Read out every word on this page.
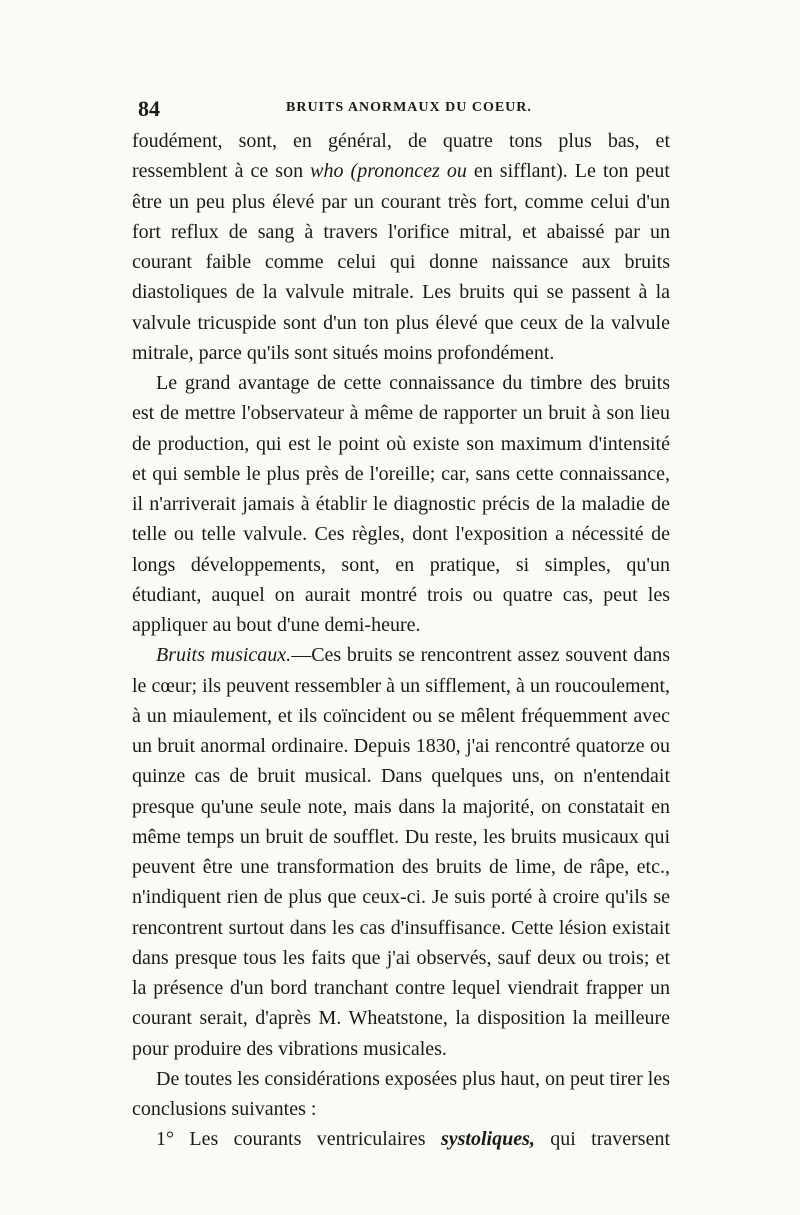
84	BRUITS ANORMAUX DU COEUR.

foudément, sont, en général, de quatre tons plus bas, et ressemblent à ce son who (prononcez ou en sifflant). Le ton peut être un peu plus élevé par un courant très fort, comme celui d'un fort reflux de sang à travers l'orifice mitral, et abaissé par un courant faible comme celui qui donne naissance aux bruits diastoliques de la valvule mitrale. Les bruits qui se passent à la valvule tricuspide sont d'un ton plus élevé que ceux de la valvule mitrale, parce qu'ils sont situés moins profondément.

Le grand avantage de cette connaissance du timbre des bruits est de mettre l'observateur à même de rapporter un bruit à son lieu de production, qui est le point où existe son maximum d'intensité et qui semble le plus près de l'oreille; car, sans cette connaissance, il n'arriverait jamais à établir le diagnostic précis de la maladie de telle ou telle valvule. Ces règles, dont l'exposition a nécessité de longs développements, sont, en pratique, si simples, qu'un étudiant, auquel on aurait montré trois ou quatre cas, peut les appliquer au bout d'une demi-heure.

Bruits musicaux.—Ces bruits se rencontrent assez souvent dans le cœur; ils peuvent ressembler à un sifflement, à un roucoulement, à un miaulement, et ils coïncident ou se mêlent fréquemment avec un bruit anormal ordinaire. Depuis 1830, j'ai rencontré quatorze ou quinze cas de bruit musical. Dans quelques uns, on n'entendait presque qu'une seule note, mais dans la majorité, on constatait en même temps un bruit de soufflet. Du reste, les bruits musicaux qui peuvent être une transformation des bruits de lime, de râpe, etc., n'indiquent rien de plus que ceux-ci. Je suis porté à croire qu'ils se rencontrent surtout dans les cas d'insuffisance. Cette lésion existait dans presque tous les faits que j'ai observés, sauf deux ou trois; et la présence d'un bord tranchant contre lequel viendrait frapper un courant serait, d'après M. Wheatstone, la disposition la meilleure pour produire des vibrations musicales.

De toutes les considérations exposées plus haut, on peut tirer les conclusions suivantes :

1° Les courants ventriculaires systoliques, qui traversent
